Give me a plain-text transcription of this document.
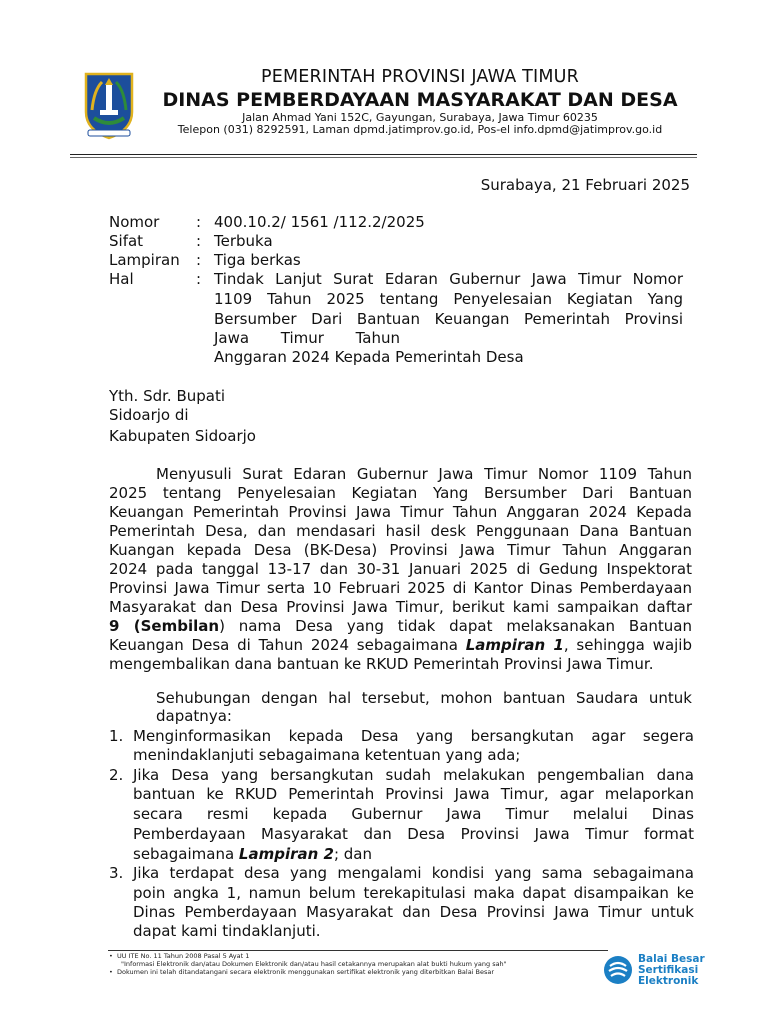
PEMERINTAH PROVINSI JAWA TIMUR
DINAS PEMBERDAYAAN MASYARAKAT DAN DESA
Jalan Ahmad Yani 152C, Gayungan, Surabaya, Jawa Timur 60235
Telepon (031) 8292591, Laman dpmd.jatimprov.go.id, Pos-el info.dpmd@jatimprov.go.id
Surabaya, 21 Februari 2025
Nomor : 400.10.2/ 1561 /112.2/2025
Sifat	: Terbuka
Lampiran : Tiga berkas
Hal	: Tindak Lanjut Surat Edaran Gubernur Jawa Timur Nomor
1109 Tahun 2025 tentang Penyelesaian Kegiatan Yang
Bersumber Dari Bantuan Keuangan Pemerintah Provinsi
Jawa Timur Tahun
Anggaran 2024 Kepada Pemerintah Desa
Yth. Sdr. Bupati
Sidoarjo di
Kabupaten Sidoarjo
Menyusuli Surat Edaran Gubernur Jawa Timur Nomor 1109 Tahun
2025 tentang Penyelesaian Kegiatan Yang Bersumber Dari Bantuan
Keuangan Pemerintah Provinsi Jawa Timur Tahun Anggaran 2024 Kepada
Pemerintah Desa, dan mendasari hasil desk Penggunaan Dana Bantuan
Kuangan kepada Desa (BK-Desa) Provinsi Jawa Timur Tahun Anggaran
2024 pada tanggal 13-17 dan 30-31 Januari 2025 di Gedung Inspektorat
Provinsi Jawa Timur serta 10 Februari 2025 di Kantor Dinas Pemberdayaan
Masyarakat dan Desa Provinsi Jawa Timur, berikut kami sampaikan daftar
9 (Sembilan) nama Desa yang tidak dapat melaksanakan Bantuan
Keuangan Desa di Tahun 2024 sebagaimana Lampiran 1, sehingga wajib
mengembalikan dana bantuan ke RKUD Pemerintah Provinsi Jawa Timur.
Sehubungan dengan hal tersebut, mohon bantuan Saudara untuk
dapatnya:
1. Menginformasikan kepada Desa yang bersangkutan agar segera
menindaklanjuti sebagaimana ketentuan yang ada;
2. Jika Desa yang bersangkutan sudah melakukan pengembalian dana
bantuan ke RKUD Pemerintah Provinsi Jawa Timur, agar melaporkan
secara resmi kepada Gubernur Jawa Timur melalui Dinas
Pemberdayaan Masyarakat dan Desa Provinsi Jawa Timur format
sebagaimana Lampiran 2; dan
3. Jika terdapat desa yang mengalami kondisi yang sama sebagaimana
poin angka 1, namun belum terekapitulasi maka dapat disampaikan ke
Dinas Pemberdayaan Masyarakat dan Desa Provinsi Jawa Timur untuk
dapat kami tindaklanjuti.
• UU ITE No. 11 Tahun 2008 Pasal 5 Ayat 1
"Informasi Elektronik dan/atau Dokumen Elektronik dan/atau hasil cetakannya merupakan alat bukti hukum yang sah"
• Dokumen ini telah ditandatangani secara elektronik menggunakan sertifikat elektronik yang diterbitkan Balai Besar
Balai Besar
Sertifikasi
Elektronik
